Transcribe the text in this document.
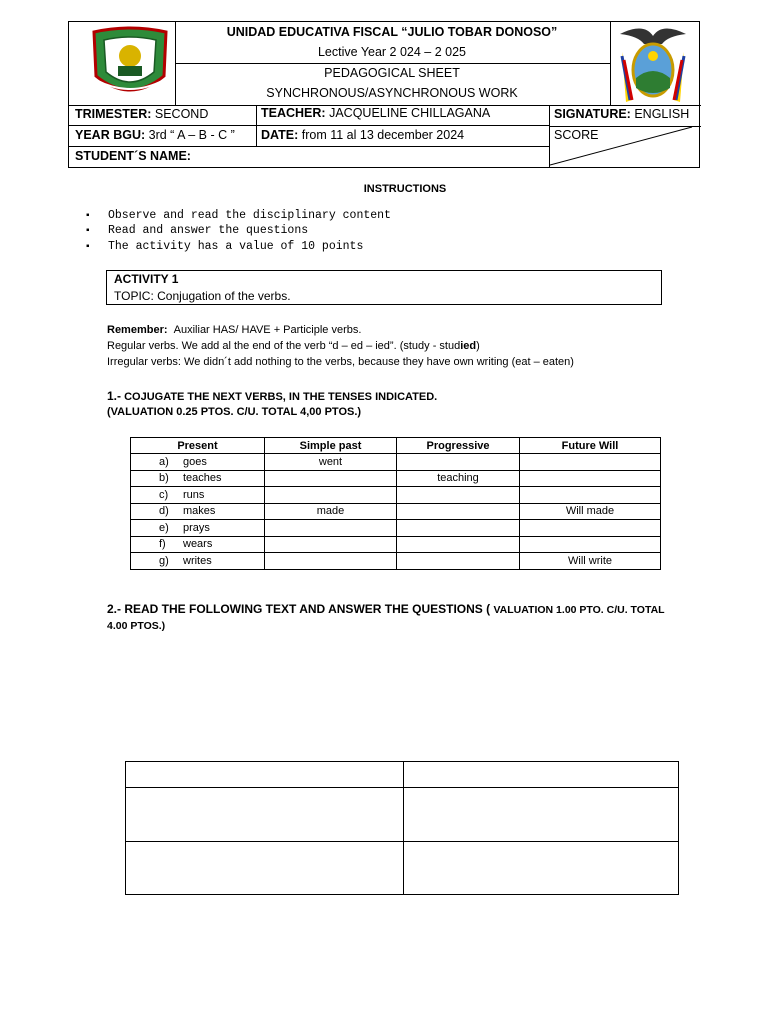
UNIDAD EDUCATIVA FISCAL “JULIO TOBAR DONOSO”
Lective Year 2 024 – 2 025
PEDAGOGICAL SHEET
SYNCHRONOUS/ASYNCHRONOUS WORK
TRIMESTER: SECOND	TEACHER: JACQUELINE CHILLAGANA	SIGNATURE: ENGLISH
YEAR BGU: 3rd “ A – B - C ” DATE: from 11 al 13 december 2024	SCORE
STUDENT´S NAME:
INSTRUCTIONS
▪ Observe and read the disciplinary content
▪ Read and answer the questions
▪ The activity has a value of 10 points
ACTIVITY 1
TOPIC: Conjugation of the verbs.
Remember: Auxiliar HAS/ HAVE + Participle verbs.
Regular verbs. We add al the end of the verb “d – ed – ied”. (study - studied)
Irregular verbs: We didn´t add nothing to the verbs, because they have own writing (eat – eaten)
1.- COJUGATE THE NEXT VERBS, IN THE TENSES INDICATED.
(VALUATION 0.25 PTOS. C/U. TOTAL 4,00 PTOS.)
Present	Simple past	Progressive	Future Will
a) goes	went		
b) teaches		teaching	
c) runs			
d) makes	made		Will made
e) prays			
f) wears			
g) writes			Will write
2.- READ THE FOLLOWING TEXT AND ANSWER THE QUESTIONS ( VALUATION 1.00 PTO. C/U. TOTAL
4.00 PTOS.)
